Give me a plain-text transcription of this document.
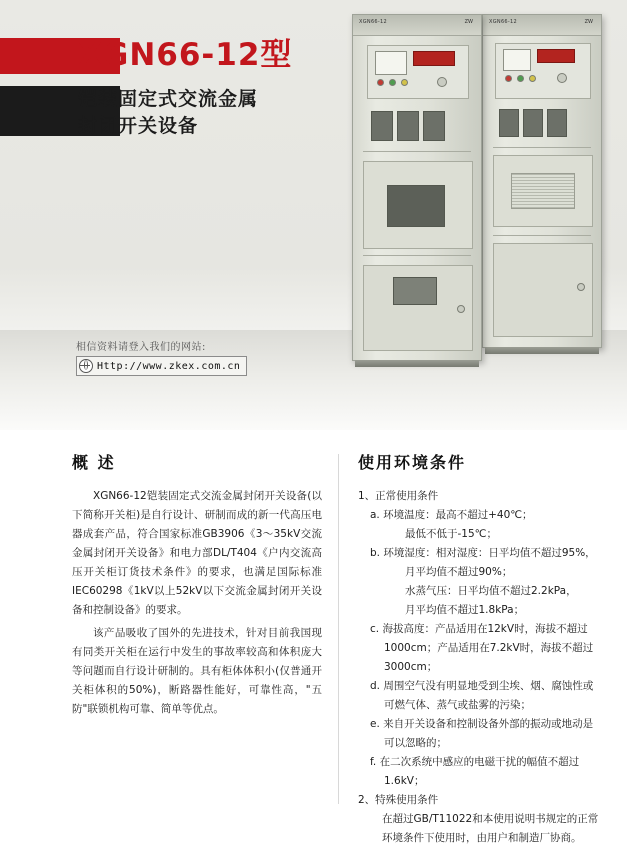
XGN66-12型
铠装固定式交流金属
封闭开关设备
相信资料请登入我们的网站:
Http://www.zkex.com.cn
XGN66-12	ZW
XGN66-12	ZW
概 述

XGN66-12铠装固定式交流金属封闭开关设备(以下简称开关柜)是自行设计、研制而成的新一代高压电器成套产品，符合国家标准GB3906《3～35kV交流金属封闭开关设备》和电力部DL/T404《户内交流高压开关柜订货技术条件》的要求，也满足国际标准IEC60298《1kV以上52kV以下交流金属封闭开关设备和控制设备》的要求。

该产品吸收了国外的先进技术，针对目前我国现有同类开关柜在运行中发生的事故率较高和体积庞大等问题而自行设计研制的。具有柜体体积小(仅普通开关柜体积的50%)，断路器性能好，可靠性高，"五防"联锁机构可靠、简单等优点。

使用环境条件

1、正常使用条件

a. 环境温度：最高不超过+40℃；

最低不低于-15℃；

b. 环境湿度：相对湿度：日平均值不超过95%，

月平均值不超过90%；

水蒸气压：日平均值不超过2.2kPa，

月平均值不超过1.8kPa；

c. 海拔高度：产品适用在12kV时，海拔不超过1000cm；产品适用在7.2kV时，海拔不超过3000cm；

d. 周围空气没有明显地受到尘埃、烟、腐蚀性或可燃气体、蒸气或盐雾的污染；

e. 来自开关设备和控制设备外部的振动或地动是可以忽略的；

f. 在二次系统中感应的电磁干扰的幅值不超过1.6kV；

2、特殊使用条件

在超过GB/T11022和本使用说明书规定的正常环境条件下使用时，由用户和制造厂协商。
